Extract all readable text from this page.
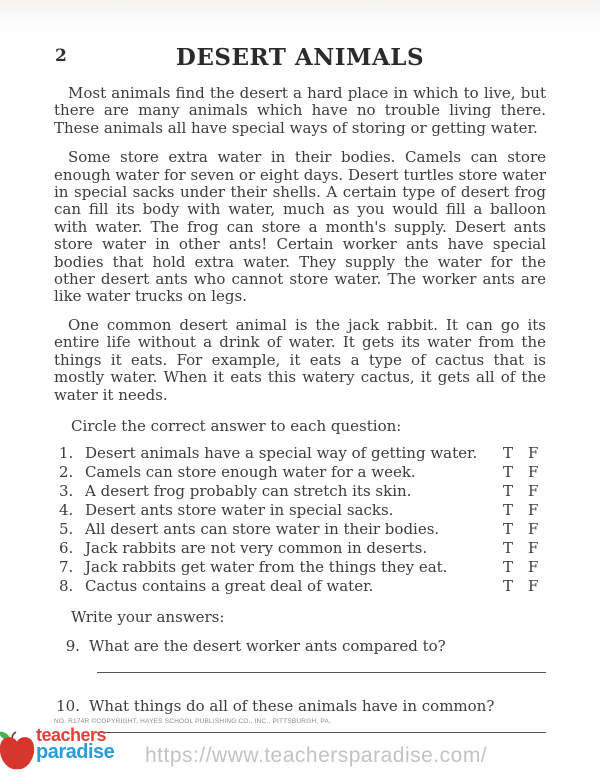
2	DESERT ANIMALS

Most animals find the desert a hard place in which to live, but there are many animals which have no trouble living there. These animals all have special ways of storing or getting water.

Some store extra water in their bodies. Camels can store enough water for seven or eight days. Desert turtles store water in special sacks under their shells. A certain type of desert frog can fill its body with water, much as you would fill a balloon with water. The frog can store a month's supply. Desert ants store water in other ants! Certain worker ants have special bodies that hold extra water. They supply the water for the other desert ants who cannot store water. The worker ants are like water trucks on legs.

One common desert animal is the jack rabbit. It can go its entire life without a drink of water. It gets its water from the things it eats. For example, it eats a type of cactus that is mostly water. When it eats this watery cactus, it gets all of the water it needs.

Circle the correct answer to each question:

1. Desert animals have a special way of getting water.	T F
2. Camels can store enough water for a week.	T F
3. A desert frog probably can stretch its skin.	T F
4. Desert ants store water in special sacks.	T F
5. All desert ants can store water in their bodies.	T F
6. Jack rabbits are not very common in deserts.	T F
7. Jack rabbits get water from the things they eat.	T F
8. Cactus contains a great deal of water.	T F

Write your answers:

9. What are the desert worker ants compared to?
10. What things do all of these animals have in common?
NO. R174R ©COPYRIGHT, HAYES SCHOOL PUBLISHING CO., INC., PITTSBURGH, PA.
teachers
paradise https://www.teachersparadise.com/
